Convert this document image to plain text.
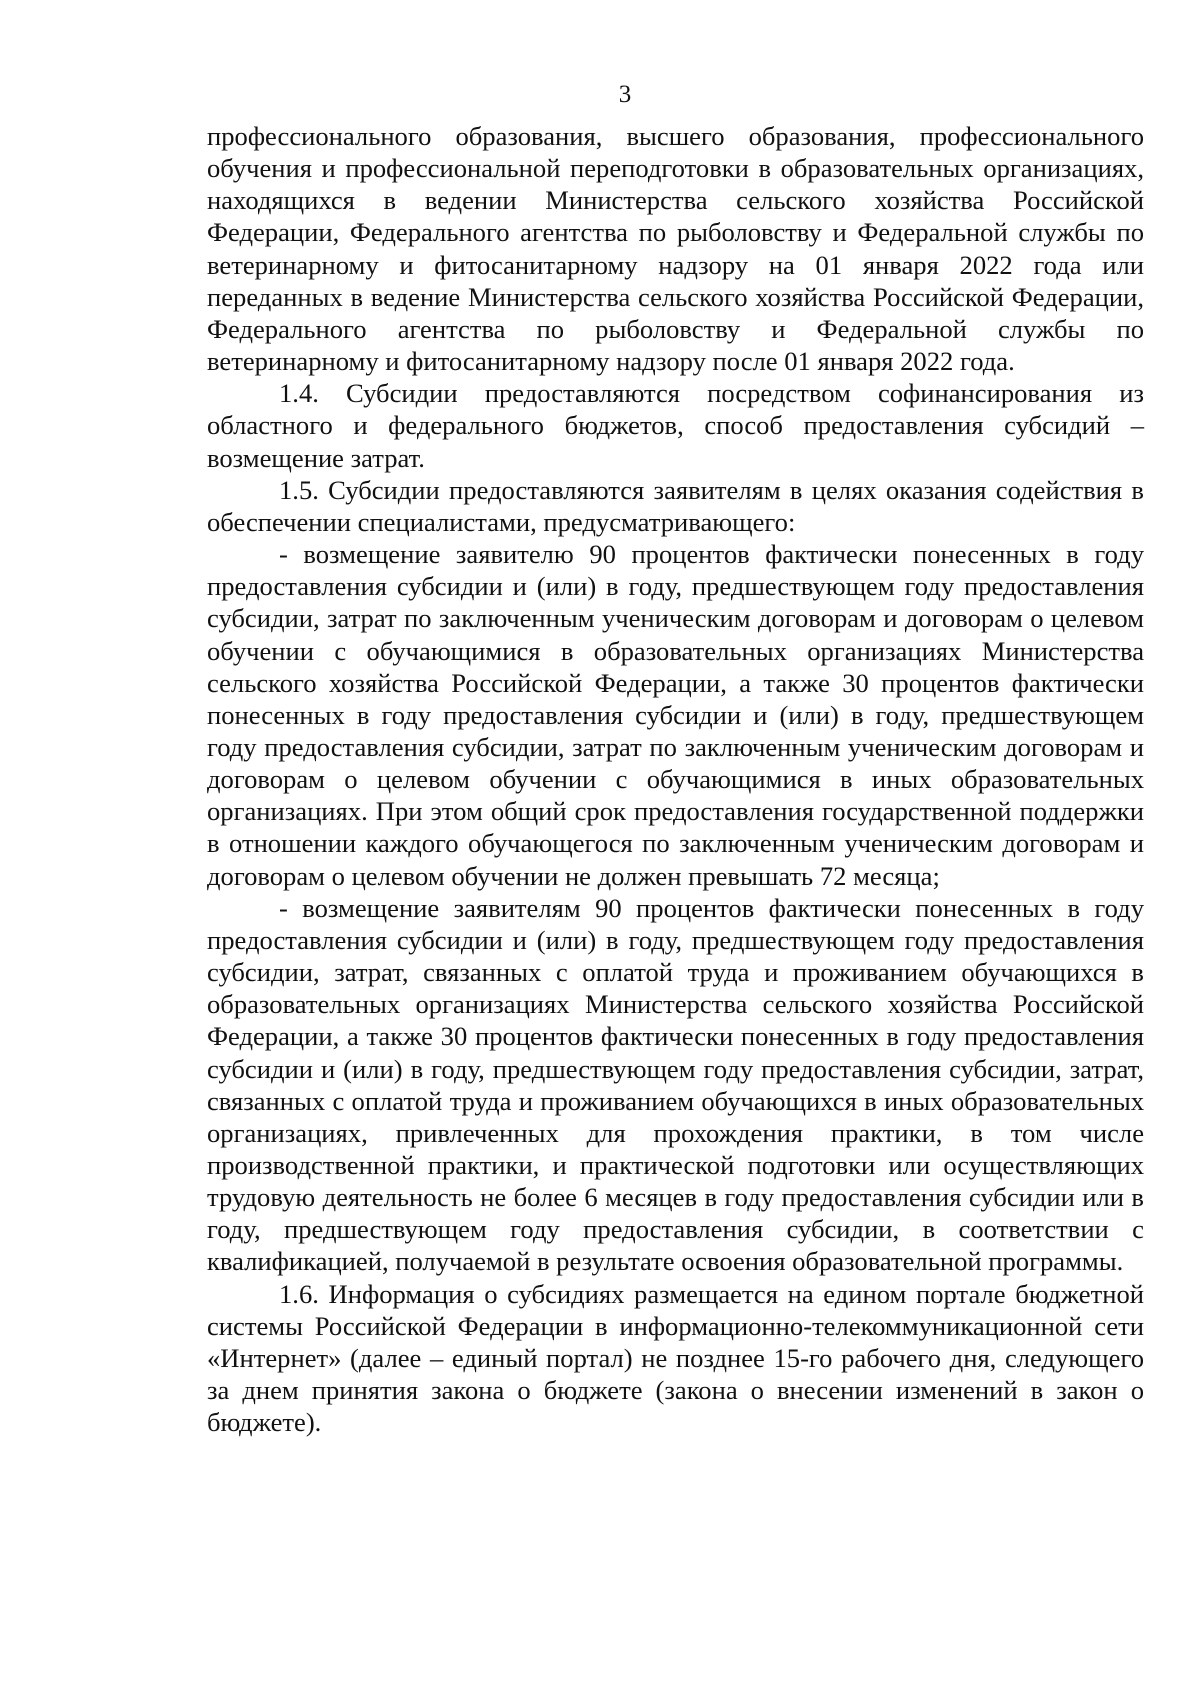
3

профессионального образования, высшего образования, профессионального обучения и профессиональной переподготовки в образовательных организациях, находящихся в ведении Министерства сельского хозяйства Российской Федерации, Федерального агентства по рыболовству и Федеральной службы по ветеринарному и фитосанитарному надзору на 01 января 2022 года или переданных в ведение Министерства сельского хозяйства Российской Федерации, Федерального агентства по рыболовству и Федеральной службы по ветеринарному и фитосанитарному надзору после 01 января 2022 года.

1.4. Субсидии предоставляются посредством софинансирования из областного и федерального бюджетов, способ предоставления субсидий – возмещение затрат.

1.5. Субсидии предоставляются заявителям в целях оказания содействия в обеспечении специалистами, предусматривающего:

- возмещение заявителю 90 процентов фактически понесенных в году предоставления субсидии и (или) в году, предшествующем году предоставления субсидии, затрат по заключенным ученическим договорам и договорам о целевом обучении с обучающимися в образовательных организациях Министерства сельского хозяйства Российской Федерации, а также 30 процентов фактически понесенных в году предоставления субсидии и (или) в году, предшествующем году предоставления субсидии, затрат по заключенным ученическим договорам и договорам о целевом обучении с обучающимися в иных образовательных организациях. При этом общий срок предоставления государственной поддержки в отношении каждого обучающегося по заключенным ученическим договорам и договорам о целевом обучении не должен превышать 72 месяца;

- возмещение заявителям 90 процентов фактически понесенных в году предоставления субсидии и (или) в году, предшествующем году предоставления субсидии, затрат, связанных с оплатой труда и проживанием обучающихся в образовательных организациях Министерства сельского хозяйства Российской Федерации, а также 30 процентов фактически понесенных в году предоставления субсидии и (или) в году, предшествующем году предоставления субсидии, затрат, связанных с оплатой труда и проживанием обучающихся в иных образовательных организациях, привлеченных для прохождения практики, в том числе производственной практики, и практической подготовки или осуществляющих трудовую деятельность не более 6 месяцев в году предоставления субсидии или в году, предшествующем году предоставления субсидии, в соответствии с квалификацией, получаемой в результате освоения образовательной программы.

1.6. Информация о субсидиях размещается на едином портале бюджетной системы Российской Федерации в информационно-телекоммуникационной сети «Интернет» (далее – единый портал) не позднее 15-го рабочего дня, следующего за днем принятия закона о бюджете (закона о внесении изменений в закон о бюджете).
